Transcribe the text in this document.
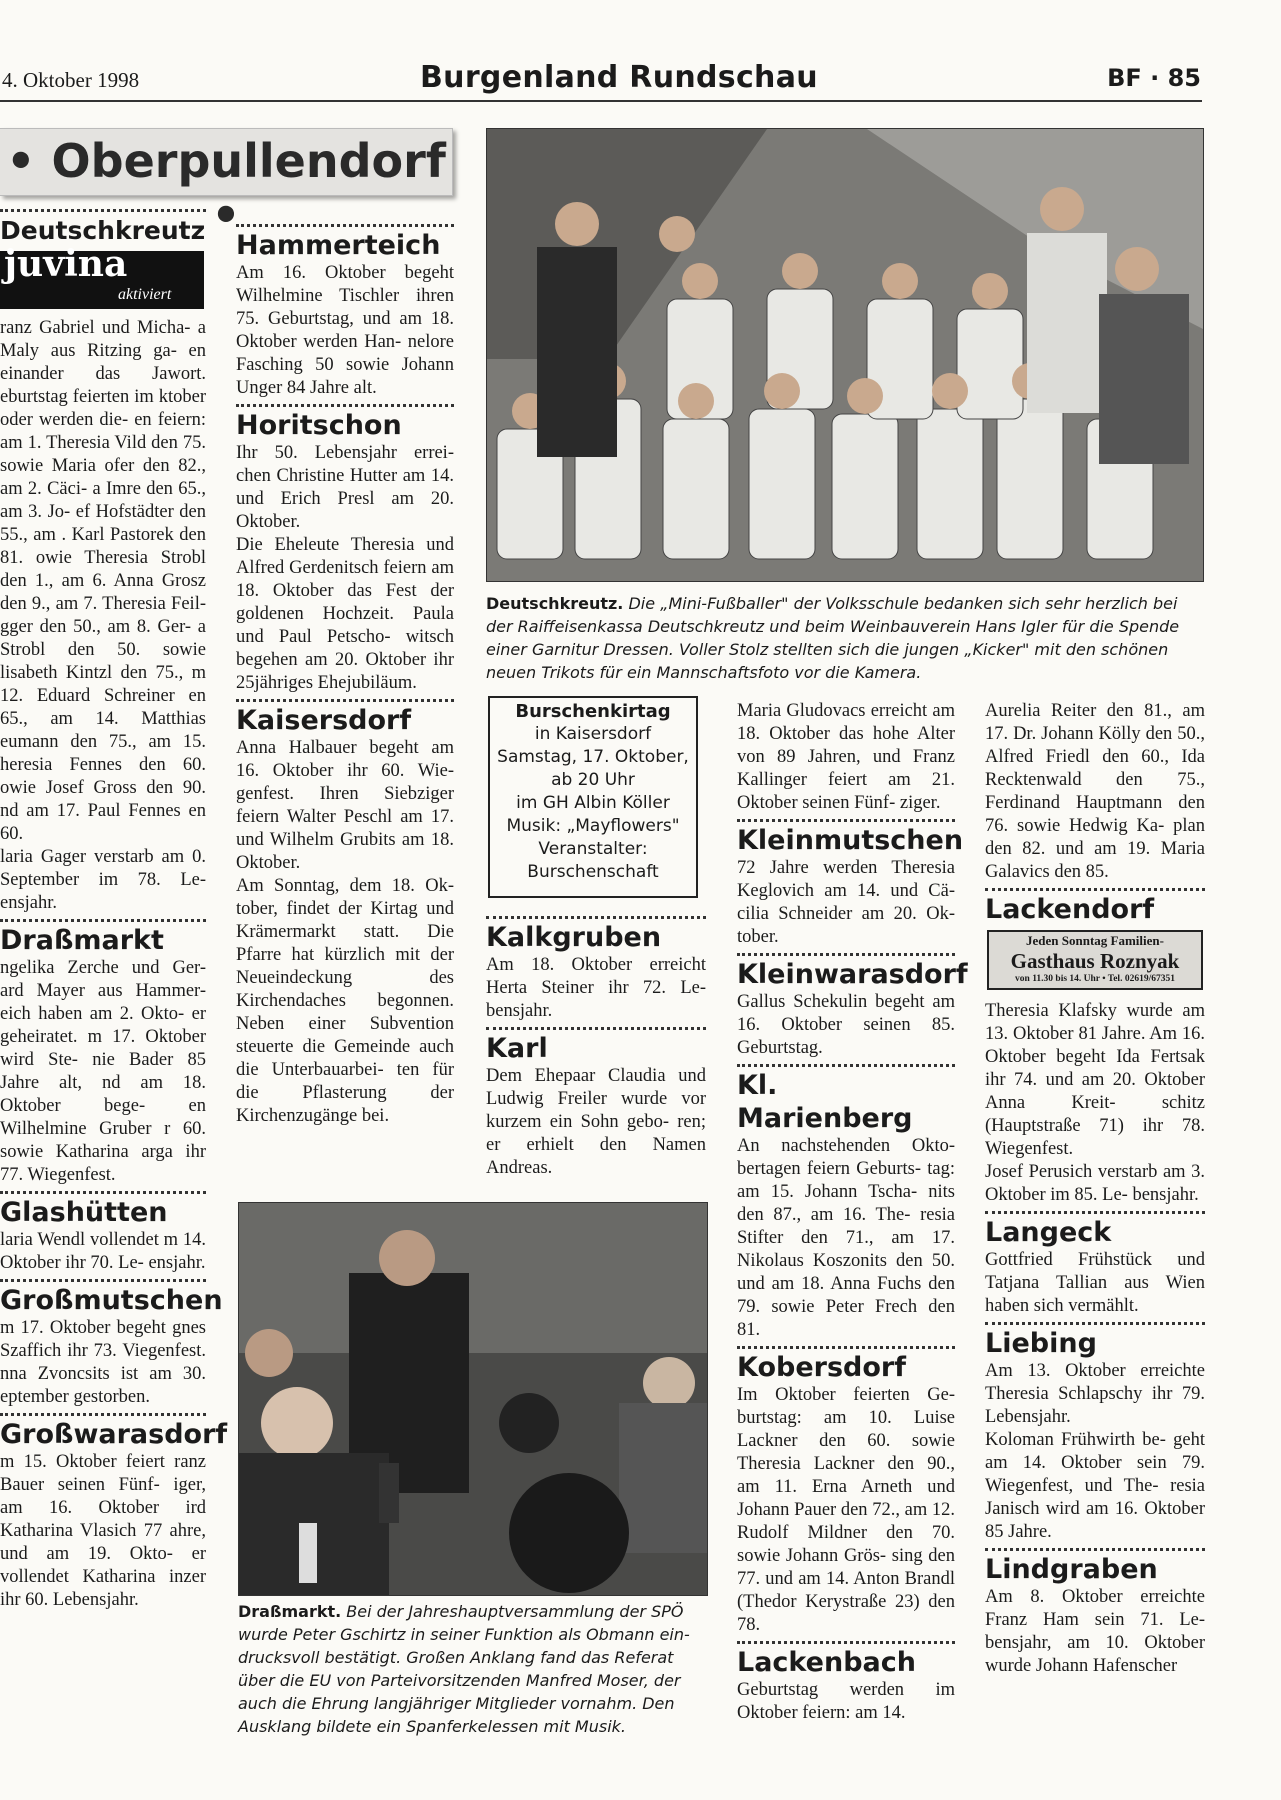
4. Oktober 1998	Burgenland Rundschau	BF · 85
• Oberpullendorf •

Deutschkreutz

juvina
aktiviert

ranz Gabriel und Micha- a Maly aus Ritzing ga- en einander das Jawort. eburtstag feierten im ktober oder werden die- en feiern: am 1. Theresia Vild den 75. sowie Maria ofer den 82., am 2. Cäci- a Imre den 65., am 3. Jo- ef Hofstädter den 55., am . Karl Pastorek den 81. owie Theresia Strobl den 1., am 6. Anna Grosz den 9., am 7. Theresia Feil- gger den 50., am 8. Ger- a Strobl den 50. sowie lisabeth Kintzl den 75., m 12. Eduard Schreiner en 65., am 14. Matthias eumann den 75., am 15. heresia Fennes den 60. owie Josef Gross den 90. nd am 17. Paul Fennes en 60.

laria Gager verstarb am 0. September im 78. Le- ensjahr.

Draßmarkt

ngelika Zerche und Ger- ard Mayer aus Hammer- eich haben am 2. Okto- er geheiratet. m 17. Oktober wird Ste- nie Bader 85 Jahre alt, nd am 18. Oktober bege- en Wilhelmine Gruber r 60. sowie Katharina arga ihr 77. Wiegenfest.

Glashütten

laria Wendl vollendet m 14. Oktober ihr 70. Le- ensjahr.

Großmutschen

m 17. Oktober begeht gnes Szaffich ihr 73. Viegenfest. nna Zvoncsits ist am 30. eptember gestorben.

Großwarasdorf

m 15. Oktober feiert ranz Bauer seinen Fünf- iger, am 16. Oktober ird Katharina Vlasich 77 ahre, und am 19. Okto- er vollendet Katharina inzer ihr 60. Lebensjahr.

Hammerteich

Am 16. Oktober begeht Wilhelmine Tischler ihren 75. Geburtstag, und am 18. Oktober werden Han- nelore Fasching 50 sowie Johann Unger 84 Jahre alt.

Horitschon

Ihr 50. Lebensjahr errei- chen Christine Hutter am 14. und Erich Presl am 20. Oktober.

Die Eheleute Theresia und Alfred Gerdenitsch feiern am 18. Oktober das Fest der goldenen Hochzeit. Paula und Paul Petscho- witsch begehen am 20. Oktober ihr 25jähriges Ehejubiläum.

Kaisersdorf

Anna Halbauer begeht am 16. Oktober ihr 60. Wie- genfest. Ihren Siebziger feiern Walter Peschl am 17. und Wilhelm Grubits am 18. Oktober.

Am Sonntag, dem 18. Ok- tober, findet der Kirtag und Krämermarkt statt. Die Pfarre hat kürzlich mit der Neueindeckung des Kirchendaches begonnen. Neben einer Subvention steuerte die Gemeinde auch die Unterbauarbei- ten für die Pflasterung der Kirchenzugänge bei.

Deutschkreutz. Die „Mini-Fußballer" der Volksschule bedanken sich sehr herzlich bei der Raiffeisenkassa Deutschkreutz und beim Weinbauverein Hans Igler für die Spende einer Garnitur Dressen. Voller Stolz stellten sich die jungen „Kicker" mit den schönen neuen Trikots für ein Mannschaftsfoto vor die Kamera.
Burschenkirtag
in Kaisersdorf
Samstag, 17. Oktober,
ab 20 Uhr
im GH Albin Köller
Musik: „Mayflowers"
Veranstalter:
Burschenschaft

Kalkgruben

Am 18. Oktober erreicht Herta Steiner ihr 72. Le- bensjahr.

Karl

Dem Ehepaar Claudia und Ludwig Freiler wurde vor kurzem ein Sohn gebo- ren; er erhielt den Namen Andreas.

Draßmarkt. Bei der Jahreshauptversammlung der SPÖ wurde Peter Gschirtz in seiner Funktion als Obmann ein- drucksvoll bestätigt. Großen Anklang fand das Referat über die EU von Parteivorsitzenden Manfred Moser, der auch die Ehrung langjähriger Mitglieder vornahm. Den Ausklang bildete ein Spanferkelessen mit Musik.

Maria Gludovacs erreicht am 18. Oktober das hohe Alter von 89 Jahren, und Franz Kallinger feiert am 21. Oktober seinen Fünf- ziger.

Kleinmutschen

72 Jahre werden Theresia Keglovich am 14. und Cä- cilia Schneider am 20. Ok- tober.

Kleinwarasdorf

Gallus Schekulin begeht am 16. Oktober seinen 85. Geburtstag.

Kl. Marienberg

An nachstehenden Okto- bertagen feiern Geburts- tag: am 15. Johann Tscha- nits den 87., am 16. The- resia Stifter den 71., am 17. Nikolaus Koszonits den 50. und am 18. Anna Fuchs den 79. sowie Peter Frech den 81.

Kobersdorf

Im Oktober feierten Ge- burtstag: am 10. Luise Lackner den 60. sowie Theresia Lackner den 90., am 11. Erna Arneth und Johann Pauer den 72., am 12. Rudolf Mildner den 70. sowie Johann Grös- sing den 77. und am 14. Anton Brandl (Thedor Kerystraße 23) den 78.

Lackenbach

Geburtstag werden im Oktober feiern: am 14.

Aurelia Reiter den 81., am 17. Dr. Johann Kölly den 50., Alfred Friedl den 60., Ida Recktenwald den 75., Ferdinand Hauptmann den 76. sowie Hedwig Ka- plan den 82. und am 19. Maria Galavics den 85.

Lackendorf

Jeden Sonntag Familien-
Gasthaus Roznyak
von 11.30 bis 14. Uhr • Tel. 02619/67351

Theresia Klafsky wurde am 13. Oktober 81 Jahre. Am 16. Oktober begeht Ida Fertsak ihr 74. und am 20. Oktober Anna Kreit- schitz (Hauptstraße 71) ihr 78. Wiegenfest.

Josef Perusich verstarb am 3. Oktober im 85. Le- bensjahr.

Langeck

Gottfried Frühstück und Tatjana Tallian aus Wien haben sich vermählt.

Liebing

Am 13. Oktober erreichte Theresia Schlapschy ihr 79. Lebensjahr.

Koloman Frühwirth be- geht am 14. Oktober sein 79. Wiegenfest, und The- resia Janisch wird am 16. Oktober 85 Jahre.

Lindgraben

Am 8. Oktober erreichte Franz Ham sein 71. Le- bensjahr, am 10. Oktober wurde Johann Hafenscher
